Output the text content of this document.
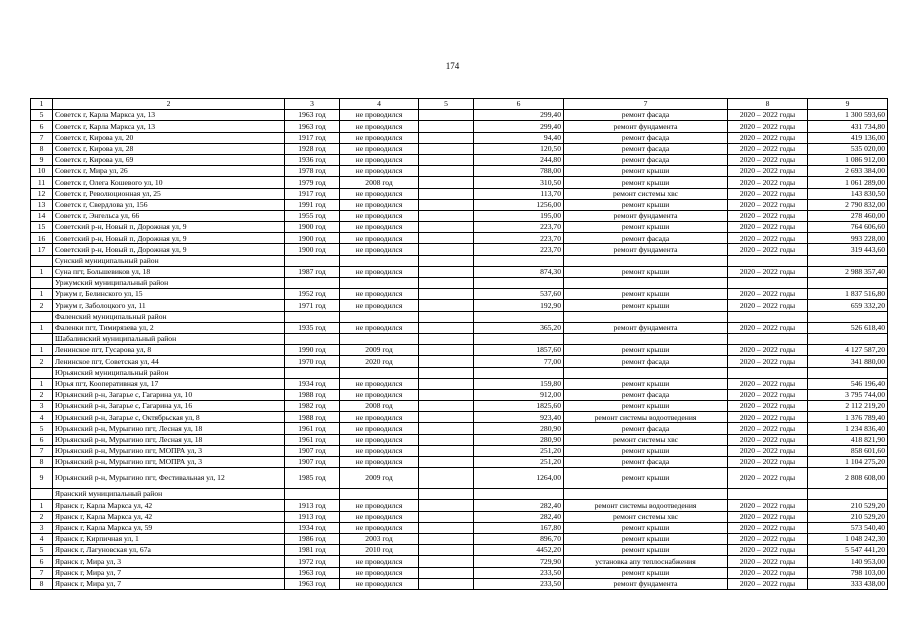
174
1	2	3	4	5	6	7	8	9
5	Советск г, Карла Маркса ул, 13	1963 год	не проводился		299,40	ремонт фасада	2020 – 2022 годы	1 300 593,60
6	Советск г, Карла Маркса ул, 13	1963 год	не проводился		299,40	ремонт фундамента	2020 – 2022 годы	431 734,80
7	Советск г, Кирова ул, 20	1917 год	не проводился		94,40	ремонт фасада	2020 – 2022 годы	419 136,00
8	Советск г, Кирова ул, 28	1928 год	не проводился		120,50	ремонт фасада	2020 – 2022 годы	535 020,00
9	Советск г, Кирова ул, 69	1936 год	не проводился		244,80	ремонт фасада	2020 – 2022 годы	1 086 912,00
10	Советск г, Мира ул, 26	1978 год	не проводился		788,00	ремонт крыши	2020 – 2022 годы	2 693 384,00
11	Советск г, Олега Кошевого ул, 10	1979 год	2008 год		310,50	ремонт крыши	2020 – 2022 годы	1 061 289,00
12	Советск г, Революционная ул, 25	1917 год	не проводился		113,70	ремонт системы хвс	2020 – 2022 годы	143 830,50
13	Советск г, Свердлова ул, 156	1991 год	не проводился		1256,00	ремонт крыши	2020 – 2022 годы	2 790 832,00
14	Советск г, Энгельса ул, 66	1955 год	не проводился		195,00	ремонт фундамента	2020 – 2022 годы	278 460,00
15	Советский р-н, Новый п, Дорожная ул, 9	1900 год	не проводился		223,70	ремонт крыши	2020 – 2022 годы	764 606,60
16	Советский р-н, Новый п, Дорожная ул, 9	1900 год	не проводился		223,70	ремонт фасада	2020 – 2022 годы	993 228,00
17	Советский р-н, Новый п, Дорожная ул, 9	1900 год	не проводился		223,70	ремонт фундамента	2020 – 2022 годы	319 443,60
	Сунский муниципальный район							
1	Суна пгт, Большевиков ул, 18	1987 год	не проводился		874,30	ремонт крыши	2020 – 2022 годы	2 988 357,40
	Уржумский муниципальный район							
1	Уржум г, Белинского ул, 15	1952 год	не проводился		537,60	ремонт крыши	2020 – 2022 годы	1 837 516,80
2	Уржум г, Заболоцкого ул, 11	1971 год	не проводился		192,90	ремонт крыши	2020 – 2022 годы	659 332,20
	Фаленский муниципальный район							
1	Фаленки пгт, Тимирязева ул, 2	1935 год	не проводился		365,20	ремонт фундамента	2020 – 2022 годы	526 618,40
	Шабалинский муниципальный район							
1	Ленинское пгт, Гусарова ул, 8	1990 год	2009 год		1857,60	ремонт крыши	2020 – 2022 годы	4 127 587,20
2	Ленинское пгт, Советская ул, 44	1970 год	2020 год		77,00	ремонт фасада	2020 – 2022 годы	341 880,00
	Юрьянский муниципальный район							
1	Юрья пгт, Кооперативная ул, 17	1934 год	не проводился		159,80	ремонт крыши	2020 – 2022 годы	546 196,40
2	Юрьянский р-н, Загарье с, Гагарина ул, 10	1988 год	не проводился		912,00	ремонт фасада	2020 – 2022 годы	3 795 744,00
3	Юрьянский р-н, Загарье с, Гагарина ул, 16	1982 год	2008 год		1825,60	ремонт крыши	2020 – 2022 годы	2 112 219,20
4	Юрьянский р-н, Загарье с, Октябрьская ул, 8	1988 год	не проводился		923,40	ремонт системы водоотведения	2020 – 2022 годы	1 376 789,40
5	Юрьянский р-н, Мурыгино пгт, Лесная ул, 18	1961 год	не проводился		280,90	ремонт фасада	2020 – 2022 годы	1 234 836,40
6	Юрьянский р-н, Мурыгино пгт, Лесная ул, 18	1961 год	не проводился		280,90	ремонт системы хвс	2020 – 2022 годы	418 821,90
7	Юрьянский р-н, Мурыгино пгт, МОПРА ул, 3	1907 год	не проводился		251,20	ремонт крыши	2020 – 2022 годы	858 601,60
8	Юрьянский р-н, Мурыгино пгт, МОПРА ул, 3	1907 год	не проводился		251,20	ремонт фасада	2020 – 2022 годы	1 104 275,20
9	Юрьянский р-н, Мурыгино пгт, Фестивальная ул, 12	1985 год	2009 год		1264,00	ремонт крыши	2020 – 2022 годы	2 808 608,00
	Яранский муниципальный район							
1	Яранск г, Карла Маркса ул, 42	1913 год	не проводился		282,40	ремонт системы водоотведения	2020 – 2022 годы	210 529,20
2	Яранск г, Карла Маркса ул, 42	1913 год	не проводился		282,40	ремонт системы хвс	2020 – 2022 годы	210 529,20
3	Яранск г, Карла Маркса ул, 59	1934 год	не проводился		167,80	ремонт крыши	2020 – 2022 годы	573 540,40
4	Яранск г, Кирпичная ул, 1	1986 год	2003 год		896,70	ремонт крыши	2020 – 2022 годы	1 048 242,30
5	Яранск г, Лагуновская ул, 67а	1981 год	2010 год		4452,20	ремонт крыши	2020 – 2022 годы	5 547 441,20
6	Яранск г, Мира ул, 3	1972 год	не проводился		729,90	установка апу теплоснабжения	2020 – 2022 годы	140 953,00
7	Яранск г, Мира ул, 7	1963 год	не проводился		233,50	ремонт крыши	2020 – 2022 годы	798 103,00
8	Яранск г, Мира ул, 7	1963 год	не проводился		233,50	ремонт фундамента	2020 – 2022 годы	333 438,00
